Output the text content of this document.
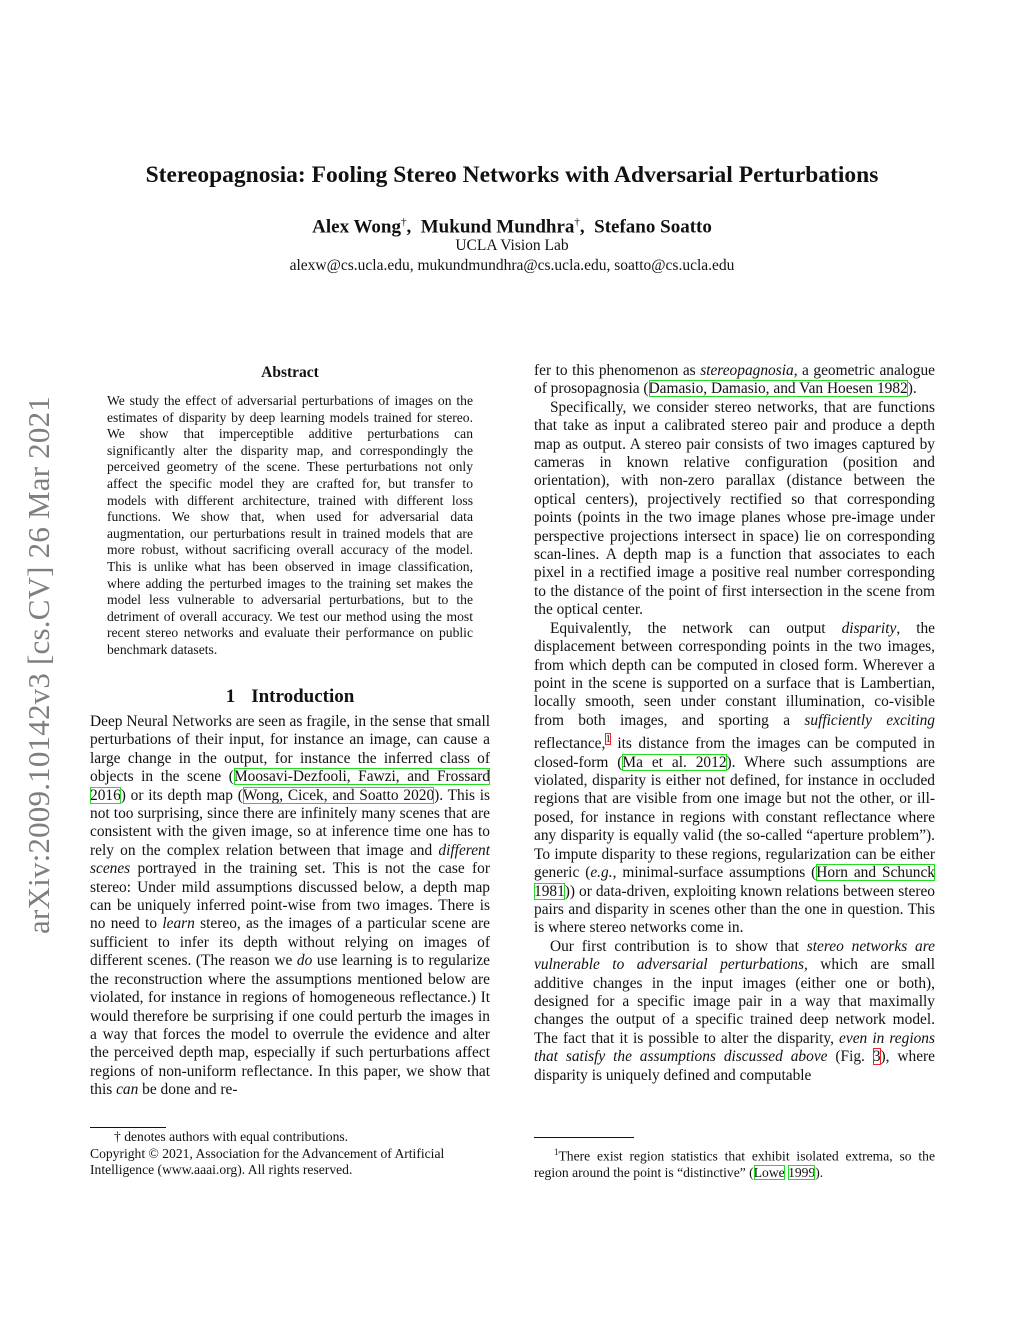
arXiv:2009.10142v3 [cs.CV] 26 Mar 2021
Stereopagnosia: Fooling Stereo Networks with Adversarial Perturbations
Alex Wong†, Mukund Mundhra†, Stefano Soatto
UCLA Vision Lab
alexw@cs.ucla.edu, mukundmundhra@cs.ucla.edu, soatto@cs.ucla.edu
Abstract
We study the effect of adversarial perturbations of images on the estimates of disparity by deep learning models trained for stereo. We show that imperceptible additive perturbations can significantly alter the disparity map, and correspondingly the perceived geometry of the scene. These perturbations not only affect the specific model they are crafted for, but transfer to models with different architecture, trained with different loss functions. We show that, when used for adversarial data augmentation, our perturbations result in trained models that are more robust, without sacrificing overall accuracy of the model. This is unlike what has been observed in image classification, where adding the perturbed images to the training set makes the model less vulnerable to adversarial perturbations, but to the detriment of overall accuracy. We test our method using the most recent stereo networks and evaluate their performance on public benchmark datasets.
1 Introduction

Deep Neural Networks are seen as fragile, in the sense that small perturbations of their input, for instance an image, can cause a large change in the output, for instance the inferred class of objects in the scene (Moosavi-Dezfooli, Fawzi, and Frossard 2016) or its depth map (Wong, Cicek, and Soatto 2020). This is not too surprising, since there are infinitely many scenes that are consistent with the given image, so at inference time one has to rely on the complex relation between that image and different scenes portrayed in the training set. This is not the case for stereo: Under mild assumptions discussed below, a depth map can be uniquely inferred point-wise from two images. There is no need to learn stereo, as the images of a particular scene are sufficient to infer its depth without relying on images of different scenes. (The reason we do use learning is to regularize the reconstruction where the assumptions mentioned below are violated, for instance in regions of homogeneous reflectance.) It would therefore be surprising if one could perturb the images in a way that forces the model to overrule the evidence and alter the perceived depth map, especially if such perturbations affect regions of non-uniform reflectance. In this paper, we show that this can be done and re-

fer to this phenomenon as stereopagnosia, a geometric analogue of prosopagnosia (Damasio, Damasio, and Van Hoesen 1982).

Specifically, we consider stereo networks, that are functions that take as input a calibrated stereo pair and produce a depth map as output. A stereo pair consists of two images captured by cameras in known relative configuration (position and orientation), with non-zero parallax (distance between the optical centers), projectively rectified so that corresponding points (points in the two image planes whose pre-image under perspective projections intersect in space) lie on corresponding scan-lines. A depth map is a function that associates to each pixel in a rectified image a positive real number corresponding to the distance of the point of first intersection in the scene from the optical center.

Equivalently, the network can output disparity, the displacement between corresponding points in the two images, from which depth can be computed in closed form. Wherever a point in the scene is supported on a surface that is Lambertian, locally smooth, seen under constant illumination, co-visible from both images, and sporting a sufficiently exciting reflectance,$^1$ its distance from the images can be computed in closed-form (Ma et al. 2012). Where such assumptions are violated, disparity is either not defined, for instance in occluded regions that are visible from one image but not the other, or ill-posed, for instance in regions with constant reflectance where any disparity is equally valid (the so-called “aperture problem”). To impute disparity to these regions, regularization can be either generic (e.g., minimal-surface assumptions (Horn and Schunck 1981)) or data-driven, exploiting known relations between stereo pairs and disparity in scenes other than the one in question. This is where stereo networks come in.

Our first contribution is to show that stereo networks are vulnerable to adversarial perturbations, which are small additive changes in the input images (either one or both), designed for a specific image pair in a way that maximally changes the output of a specific trained deep network model. The fact that it is possible to alter the disparity, even in regions that satisfy the assumptions discussed above (Fig. 3), where disparity is uniquely defined and computable

† denotes authors with equal contributions.

Copyright © 2021, Association for the Advancement of Artificial Intelligence (www.aaai.org). All rights reserved.

$^1$There exist region statistics that exhibit isolated extrema, so the region around the point is “distinctive” (Lowe 1999).
